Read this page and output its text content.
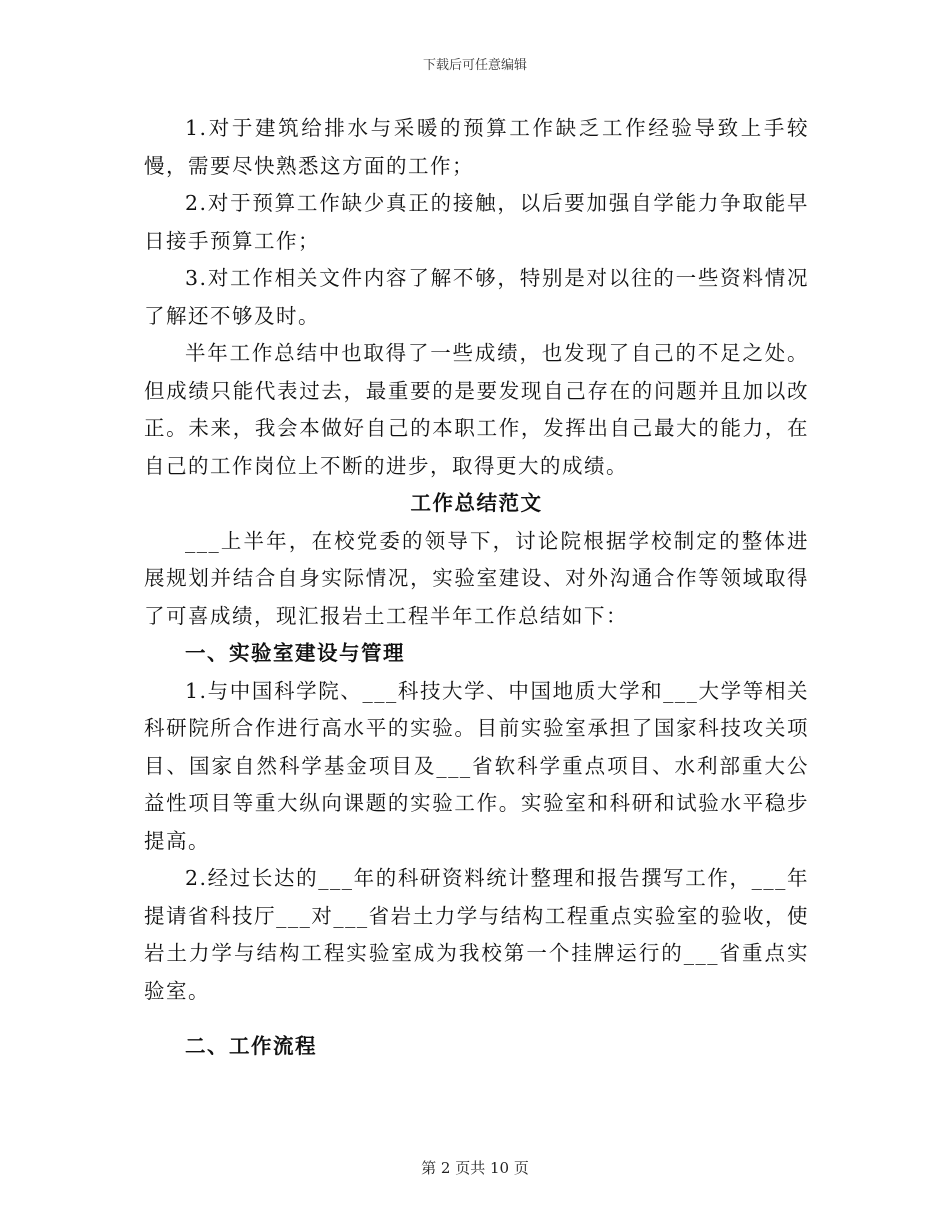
下载后可任意编辑

1.对于建筑给排水与采暖的预算工作缺乏工作经验导致上手较慢，需要尽快熟悉这方面的工作；

2.对于预算工作缺少真正的接触，以后要加强自学能力争取能早日接手预算工作；

3.对工作相关文件内容了解不够，特别是对以往的一些资料情况了解还不够及时。

半年工作总结中也取得了一些成绩，也发现了自己的不足之处。但成绩只能代表过去，最重要的是要发现自己存在的问题并且加以改正。未来，我会本做好自己的本职工作，发挥出自己最大的能力，在自己的工作岗位上不断的进步，取得更大的成绩。

工作总结范文

___上半年，在校党委的领导下，讨论院根据学校制定的整体进展规划并结合自身实际情况，实验室建设、对外沟通合作等领域取得了可喜成绩，现汇报岩土工程半年工作总结如下：

一、实验室建设与管理

1.与中国科学院、___科技大学、中国地质大学和___大学等相关科研院所合作进行高水平的实验。目前实验室承担了国家科技攻关项目、国家自然科学基金项目及___省软科学重点项目、水利部重大公益性项目等重大纵向课题的实验工作。实验室和科研和试验水平稳步提高。

2.经过长达的___年的科研资料统计整理和报告撰写工作，___年提请省科技厅___对___省岩土力学与结构工程重点实验室的验收，使岩土力学与结构工程实验室成为我校第一个挂牌运行的___省重点实验室。

二、工作流程

第 2 页共 10 页
